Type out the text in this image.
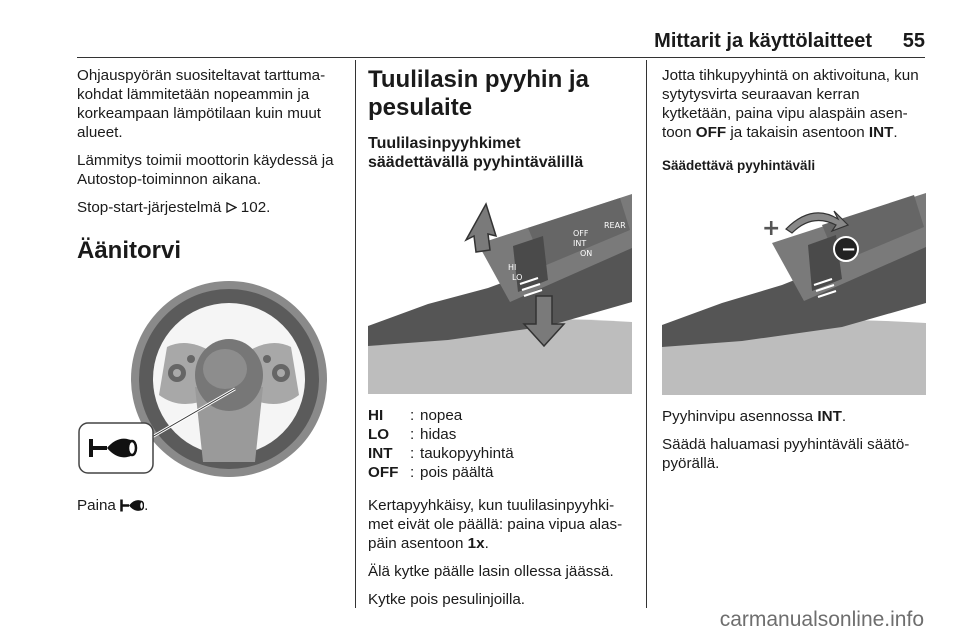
Mittarit ja käyttölaitteet 55

Ohjauspyörän suositeltavat tarttuma-kohdat lämmitetään nopeammin ja korkeampaan lämpötilaan kuin muut alueet.

Lämmitys toimii moottorin käydessä ja Autostop-toiminnon aikana.

Stop-start-järjestelmä 102.

Äänitorvi

Paina .

Tuulilasin pyyhin ja
pesulaite
Tuulilasinpyyhkimet
säädettävällä pyyhintävälillä
OFF
INT
ON
REAR
HI
LO
HI	: nopea
LO	: hidas
INT	: taukopyyhintä
OFF : pois päältä

Kertapyyhkäisy, kun tuulilasinpyyhki-met eivät ole päällä: paina vipua alas-päin asentoon 1x.

Älä kytke päälle lasin ollessa jäässä.

Kytke pois pesulinjoilla.

Jotta tihkupyyhintä on aktivoituna, kun sytytysvirta seuraavan kerran kytketään, paina vipu alaspäin asen-toon OFF ja takaisin asentoon INT.

Säädettävä pyyhintäväli
−
+

Pyyhinvipu asennossa INT.

Säädä haluamasi pyyhintäväli säätö-pyörällä.

carmanualsonline.info
